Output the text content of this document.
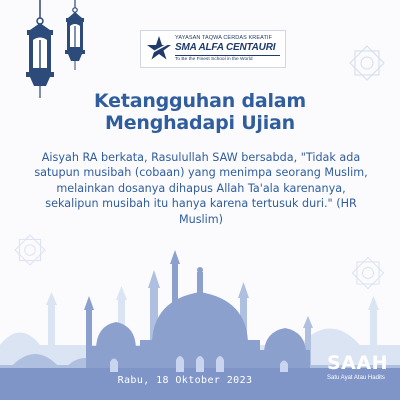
YAYASAN TAQWA CERDAS KREATIF
SMA ALFA CENTAURI
To Be the Finest School in the World
Ketangguhan dalam
Menghadapi Ujian
Aisyah RA berkata, Rasulullah SAW bersabda, "Tidak ada satupun musibah (cobaan) yang menimpa seorang Muslim, melainkan dosanya dihapus Allah Ta'ala karenanya, sekalipun musibah itu hanya karena tertusuk duri." (HR Muslim)
Rabu, 18 Oktober 2023
SAAH
Satu Ayat Atau Hadits
